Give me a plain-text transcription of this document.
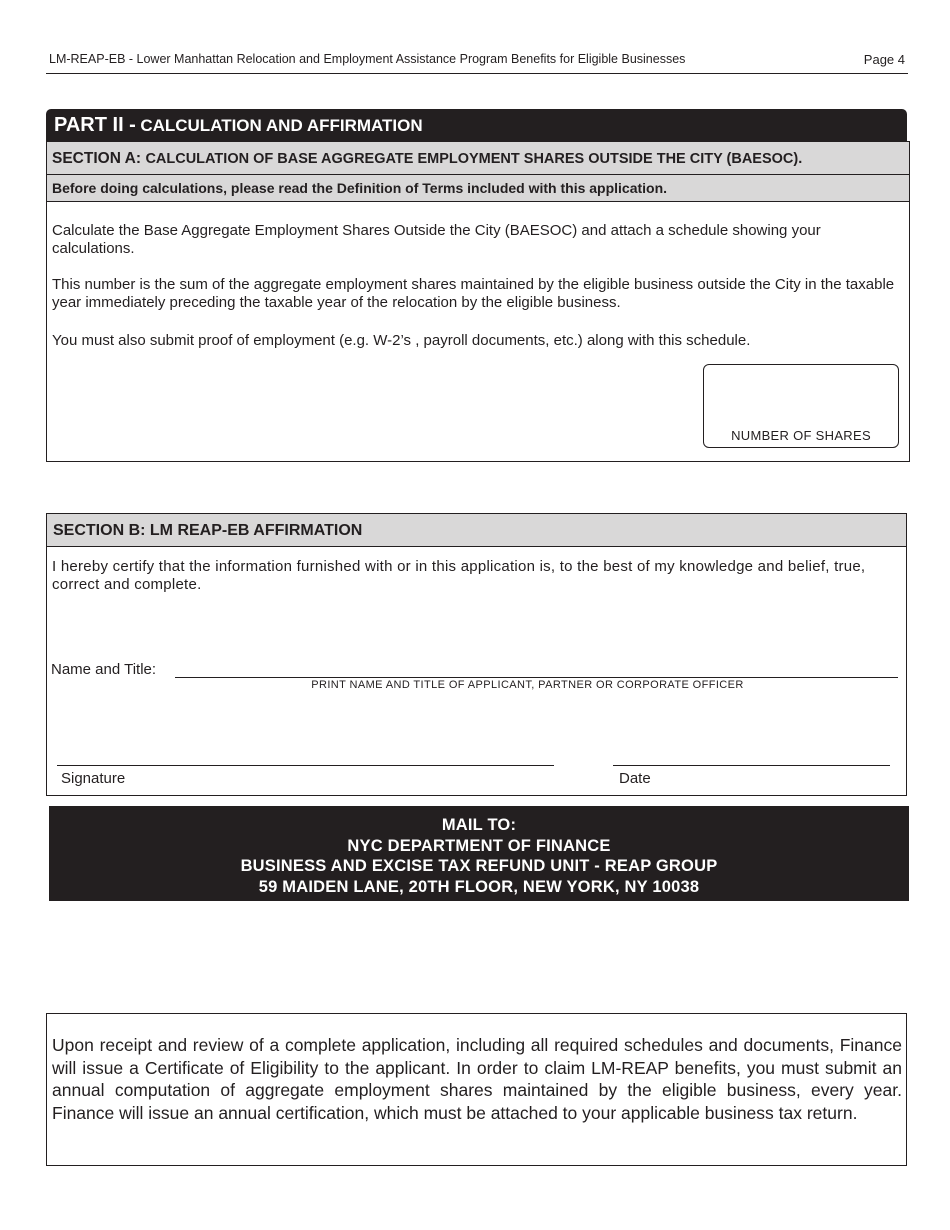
LM-REAP-EB - Lower Manhattan Relocation and Employment Assistance Program Benefits for Eligible Businesses	Page 4
PART II - CALCULATION AND AFFIRMATION
SECTION A: CALCULATION OF BASE AGGREGATE EMPLOYMENT SHARES OUTSIDE THE CITY (BAESOC).
Before doing calculations, please read the Definition of Terms included with this application.
Calculate the Base Aggregate Employment Shares Outside the City (BAESOC) and attach a schedule showing your calculations.
This number is the sum of the aggregate employment shares maintained by the eligible business outside the City in the taxable year immediately preceding the taxable year of the relocation by the eligible business.
You must also submit proof of employment (e.g. W-2’s , payroll documents, etc.) along with this schedule.
NUMBER OF SHARES
SECTION B: LM REAP-EB AFFIRMATION
I hereby certify that the information furnished with or in this application is, to the best of my knowledge and belief, true, correct and complete.
Name and Title:
PRINT NAME AND TITLE OF APPLICANT, PARTNER OR CORPORATE OFFICER
Signature	Date
MAIL TO:
NYC DEPARTMENT OF FINANCE
BUSINESS AND EXCISE TAX REFUND UNIT - REAP GROUP
59 MAIDEN LANE, 20TH FLOOR, NEW YORK, NY 10038
Upon receipt and review of a complete application, including all required schedules and documents, Finance will issue a Certificate of Eligibility to the applicant. In order to claim LM-REAP benefits, you must submit an annual computation of aggregate employment shares maintained by the eligible business, every year. Finance will issue an annual certification, which must be attached to your applicable business tax return.
